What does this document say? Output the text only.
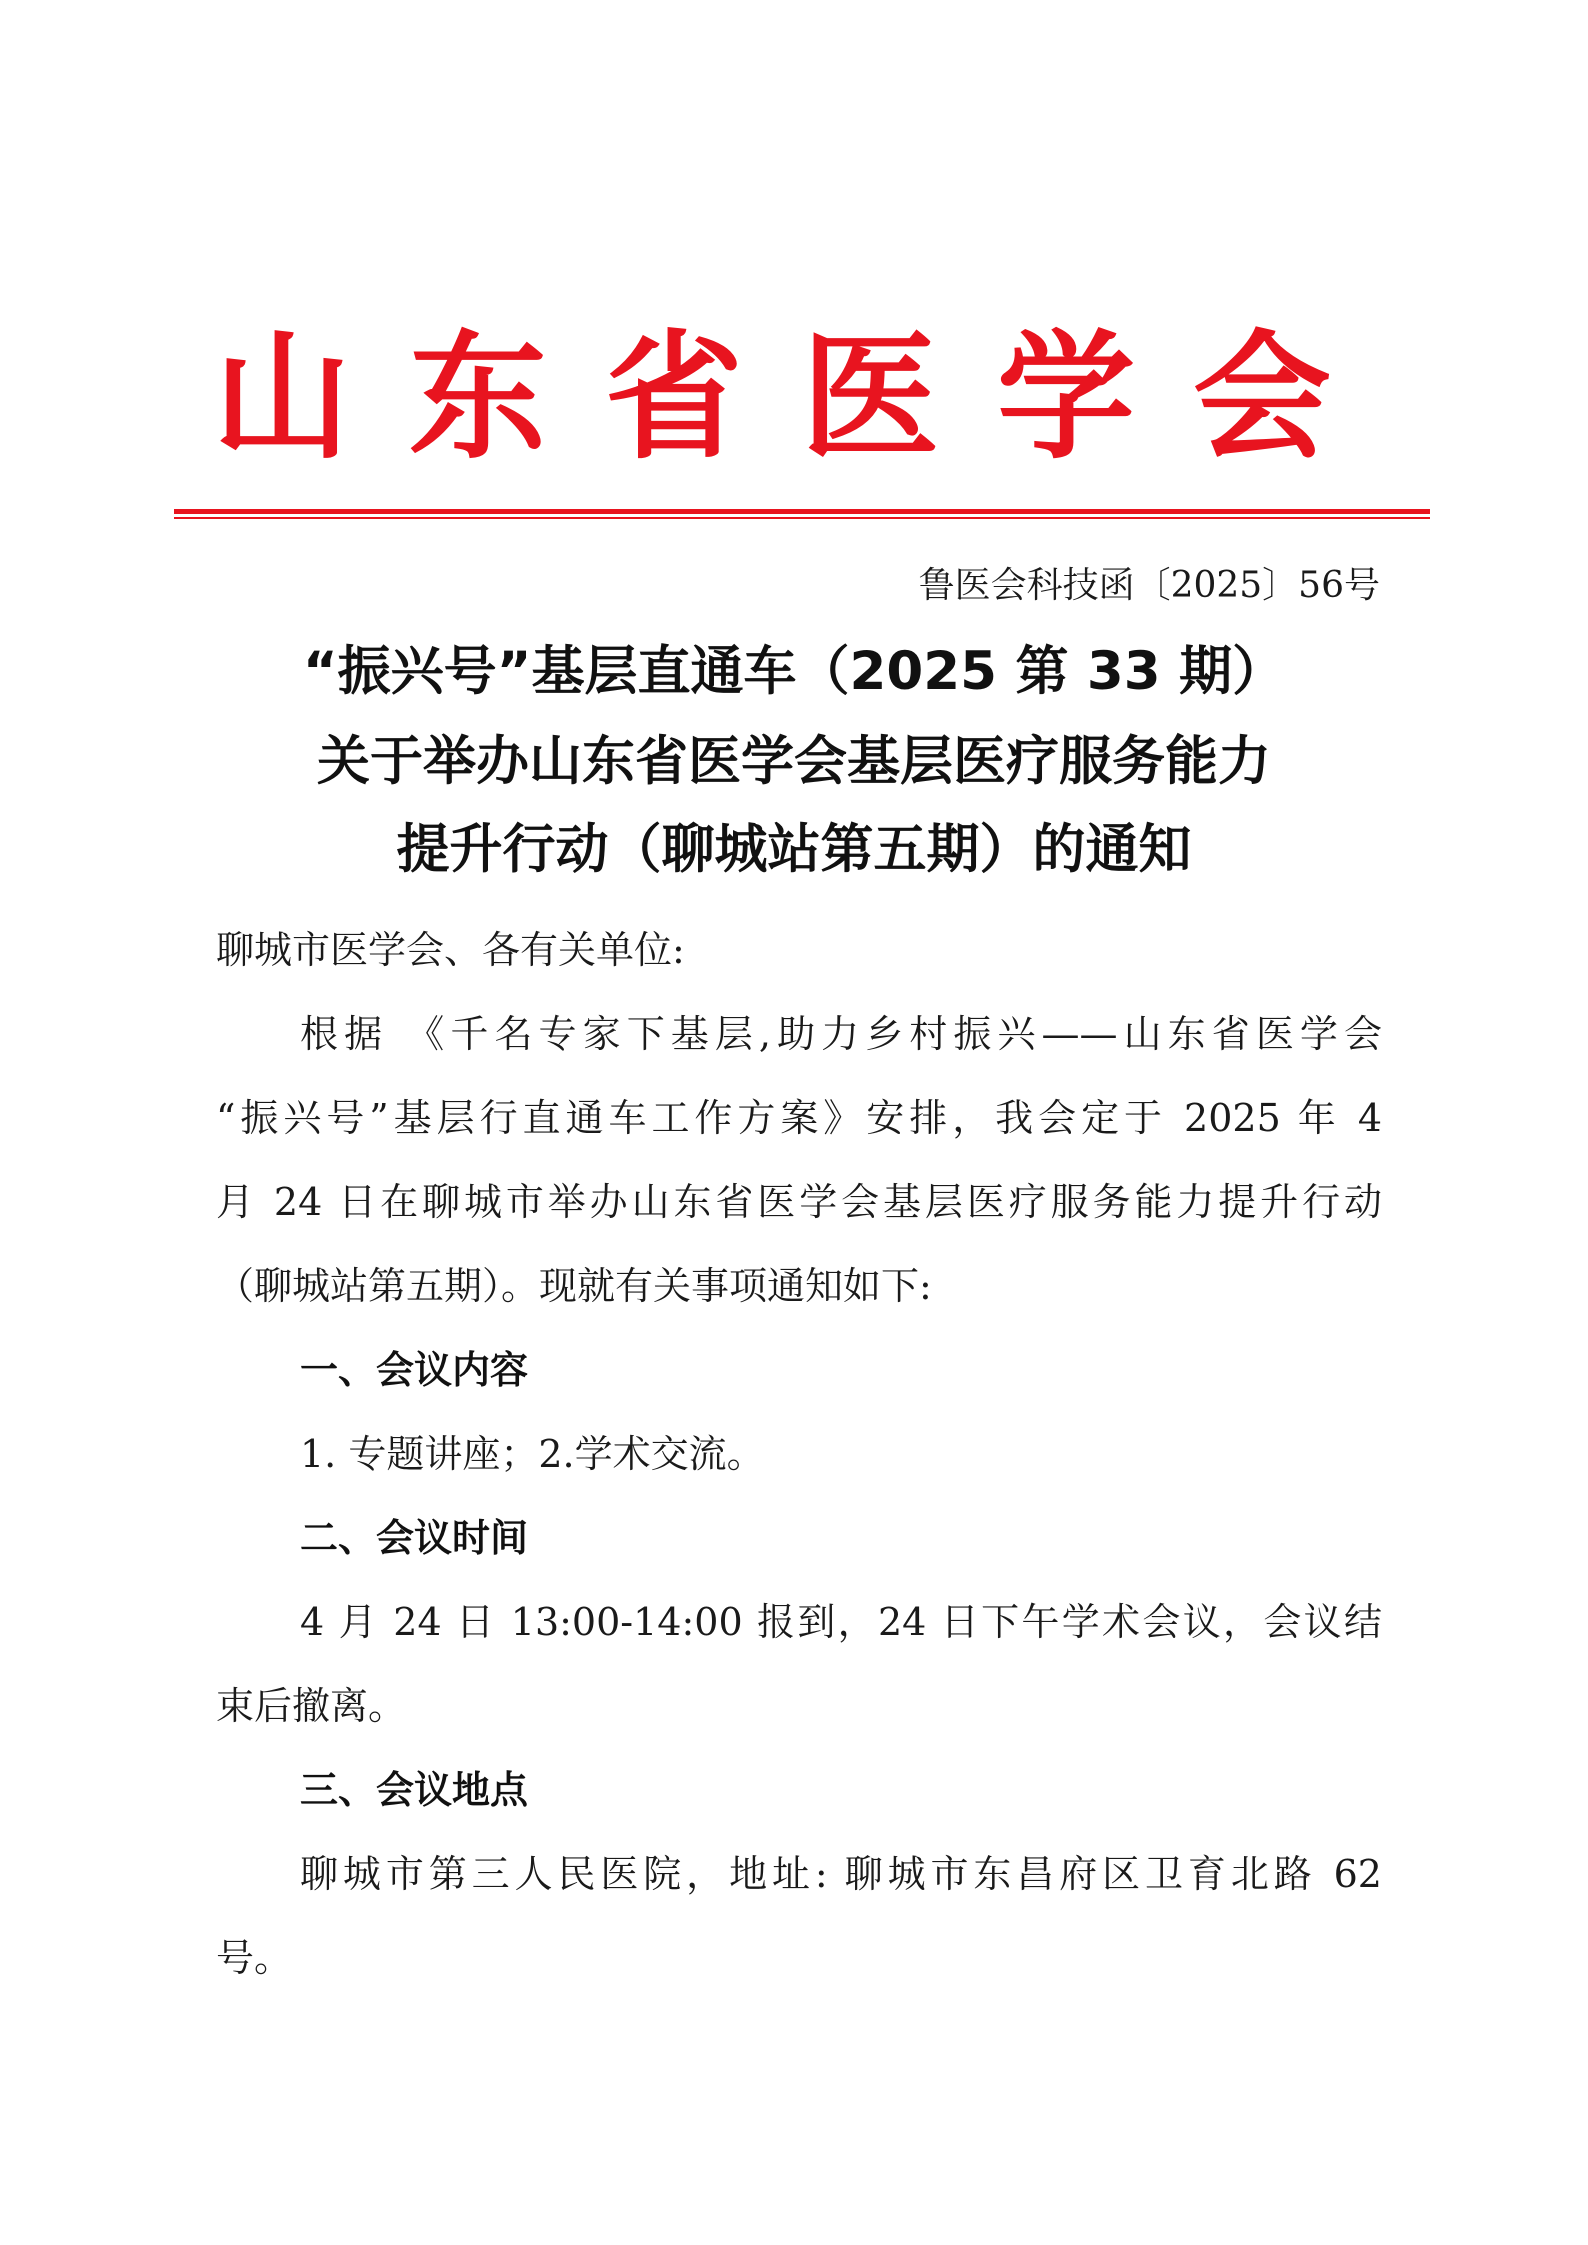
山东省医学会
鲁医会科技函〔2025〕56号
“振兴号”基层直通车（2025 第 33 期）
关于举办山东省医学会基层医疗服务能力
提升行动（聊城站第五期）的通知
聊城市医学会、各有关单位:
根据 《千名专家下基层,助力乡村振兴——山东省医学会
“振兴号”基层行直通车工作方案》安排，我会定于 2025 年 4
月 24 日在聊城市举办山东省医学会基层医疗服务能力提升行动
（聊城站第五期）。现就有关事项通知如下:
一、会议内容
1. 专题讲座；2.学术交流。
二、会议时间
4 月 24 日 13:00-14:00 报到，24 日下午学术会议，会议结
束后撤离。
三、会议地点
聊城市第三人民医院，地址: 聊城市东昌府区卫育北路 62
号。
